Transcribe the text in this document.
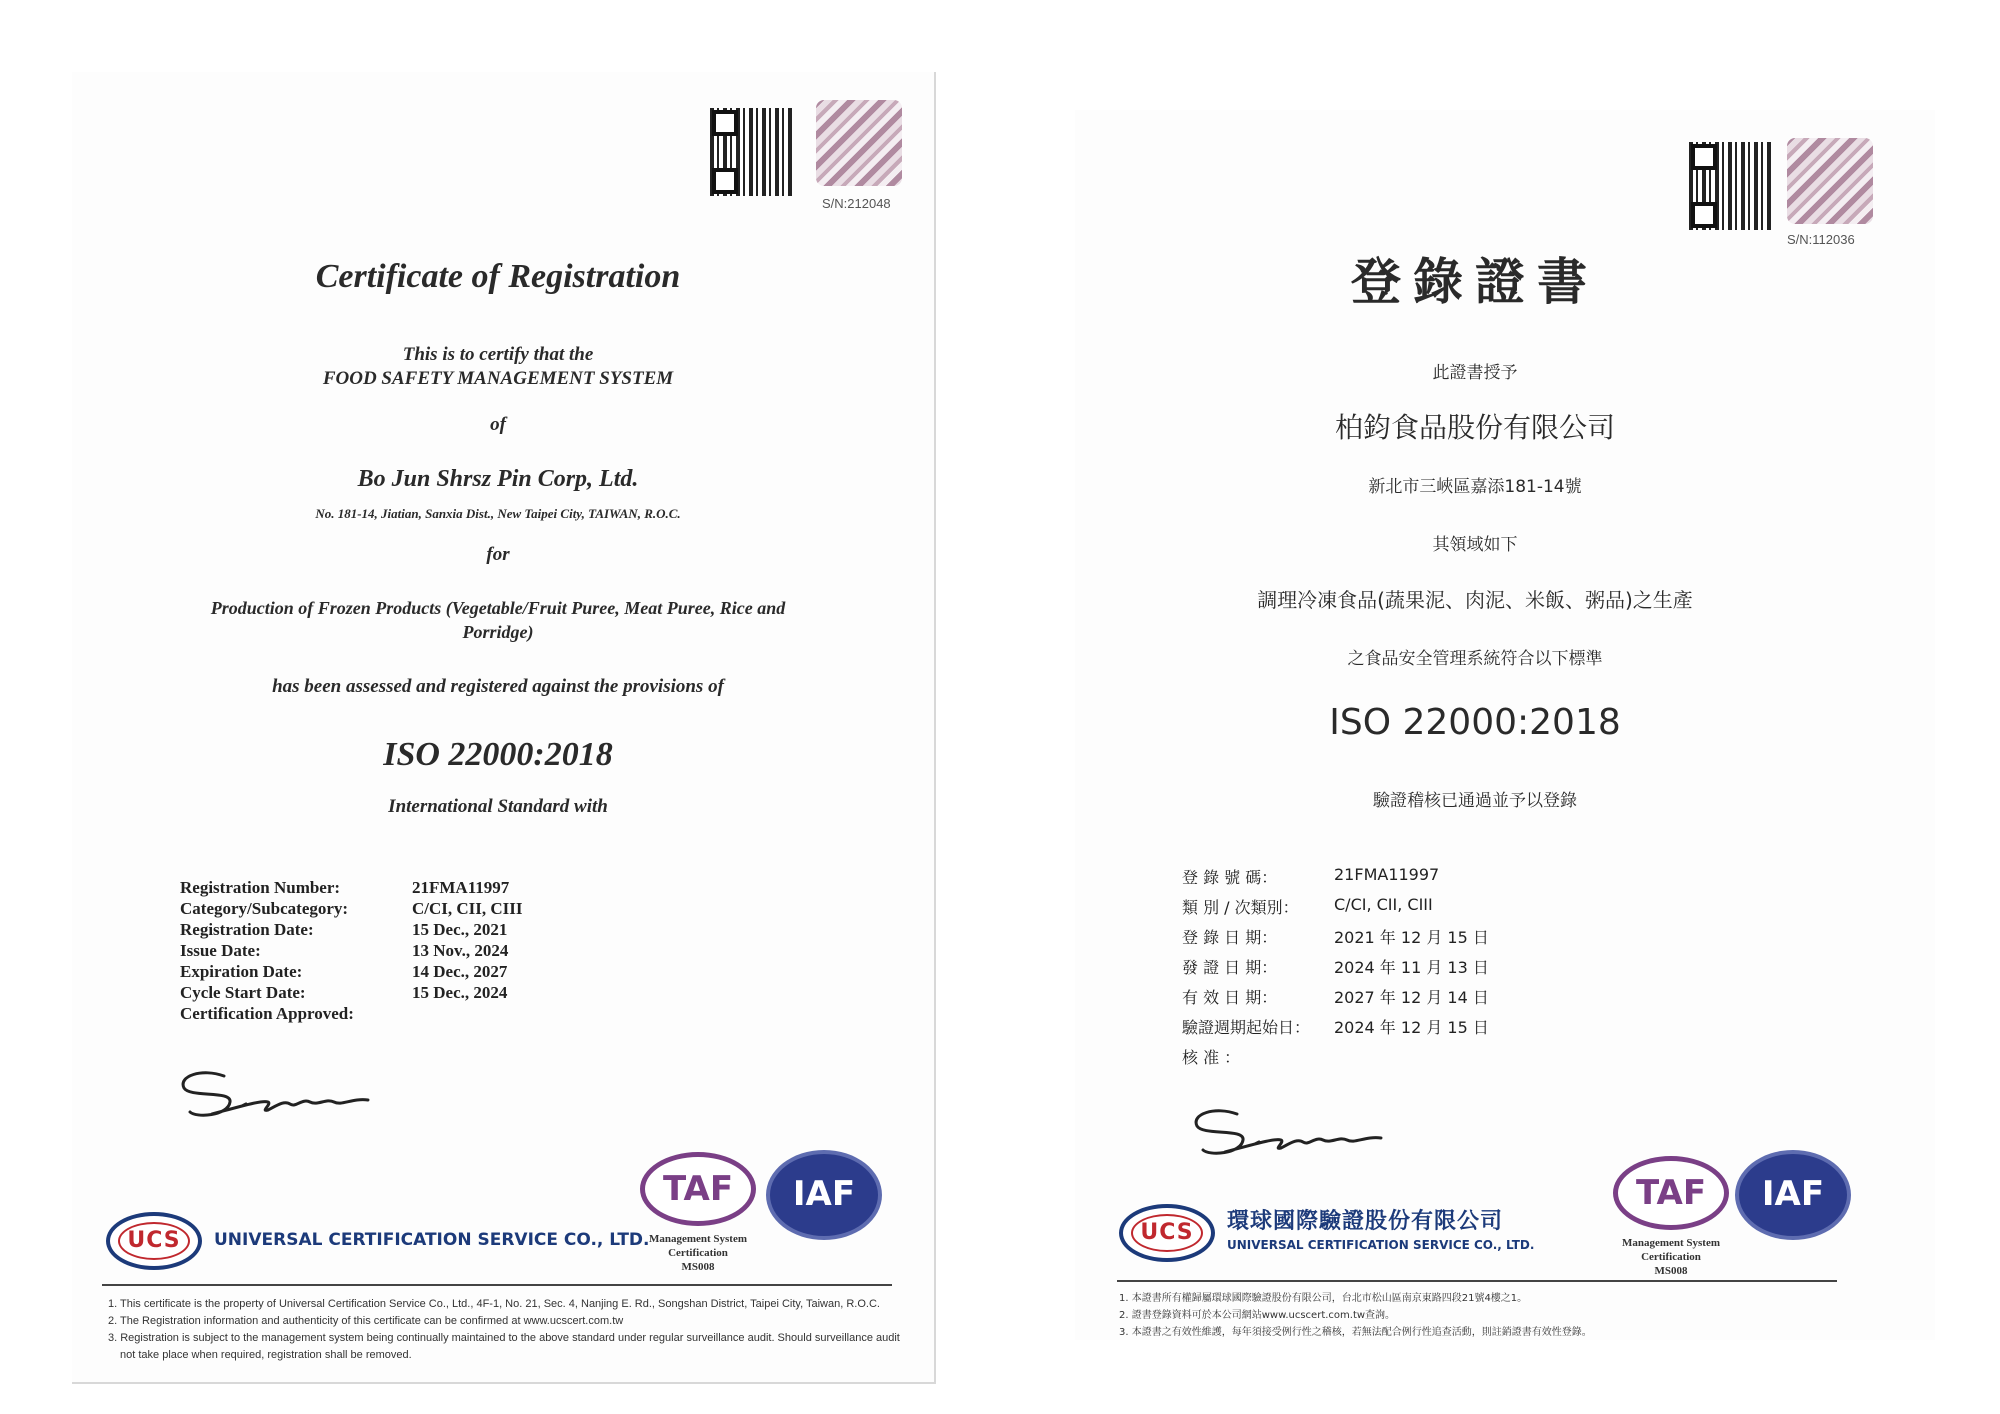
S/N:212048
Certificate of Registration
This is to certify that the
FOOD SAFETY MANAGEMENT SYSTEM
of
Bo Jun Shrsz Pin Corp, Ltd.
No. 181-14, Jiatian, Sanxia Dist., New Taipei City, TAIWAN, R.O.C.
for
Production of Frozen Products (Vegetable/Fruit Puree, Meat Puree, Rice and
Porridge)
has been assessed and registered against the provisions of
ISO 22000:2018
International Standard with
Registration Number:	21FMA11997
Category/Subcategory:	C/CI, CII, CIII
Registration Date:	15 Dec., 2021
Issue Date:	13 Nov., 2024
Expiration Date:	14 Dec., 2027
Cycle Start Date:	15 Dec., 2024
Certification Approved:	
UCS	UNIVERSAL CERTIFICATION SERVICE CO., LTD.
TAF	IAF
Management System
Certification
MS008
1. This certificate is the property of Universal Certification Service Co., Ltd., 4F-1, No. 21, Sec. 4, Nanjing E. Rd., Songshan District, Taipei City, Taiwan, R.O.C.
2. The Registration information and authenticity of this certificate can be confirmed at www.ucscert.com.tw
3. Registration is subject to the management system being continually maintained to the above standard under regular surveillance audit. Should surveillance audit
not take place when required, registration shall be removed.
S/N:112036
登錄證書
此證書授予
柏鈞食品股份有限公司
新北市三峽區嘉添181-14號
其領域如下
調理冷凍食品(蔬果泥、肉泥、米飯、粥品)之生產
之食品安全管理系統符合以下標準
ISO 22000:2018
驗證稽核已通過並予以登錄
登 錄 號 碼：	21FMA11997
類 別 / 次類別：	C/CI, CII, CIII
登 錄 日 期：	2021 年 12 月 15 日
發 證 日 期：	2024 年 11 月 13 日
有 效 日 期：	2027 年 12 月 14 日
驗證週期起始日：	2024 年 12 月 15 日
核 准 ：	
UCS	環球國際驗證股份有限公司
UNIVERSAL CERTIFICATION SERVICE CO., LTD.
TAF	IAF
Management System
Certification
MS008
1. 本證書所有權歸屬環球國際驗證股份有限公司，台北市松山區南京東路四段21號4樓之1。
2. 證書登錄資料可於本公司網站www.ucscert.com.tw查詢。
3. 本證書之有效性維護，每年須接受例行性之稽核，若無法配合例行性追查活動，則註銷證書有效性登錄。
